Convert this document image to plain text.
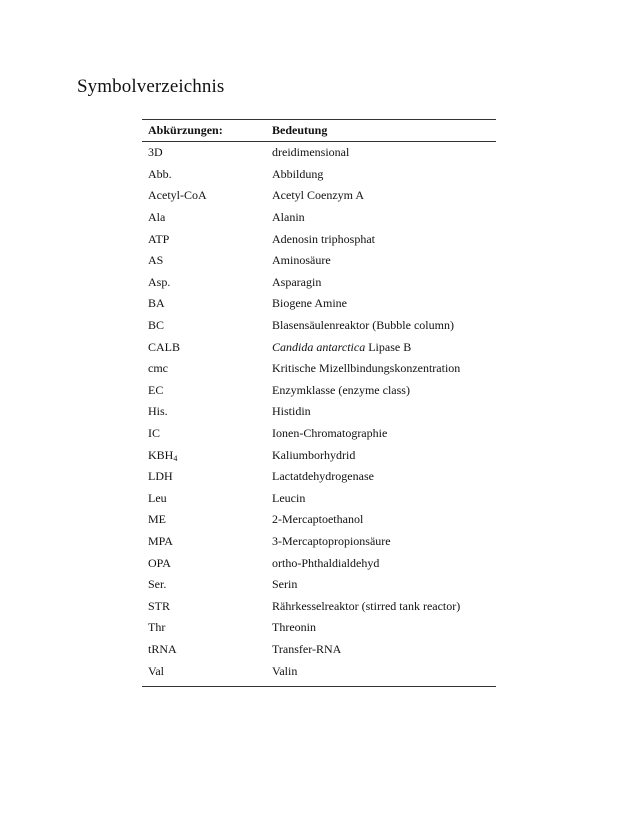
Symbolverzeichnis
Abkürzungen:	Bedeutung
3D	dreidimensional
Abb.	Abbildung
Acetyl-CoA	Acetyl Coenzym A
Ala	Alanin
ATP	Adenosin triphosphat
AS	Aminosäure
Asp.	Asparagin
BA	Biogene Amine
BC	Blasensäulenreaktor (Bubble column)
CALB	Candida antarctica Lipase B
cmc	Kritische Mizellbindungskonzentration
EC	Enzymklasse (enzyme class)
His.	Histidin
IC	Ionen-Chromatographie
$KBH_4$	Kaliumborhydrid
LDH	Lactatdehydrogenase
Leu	Leucin
ME	2-Mercaptoethanol
MPA	3-Mercaptopropionsäure
OPA	ortho-Phthaldialdehyd
Ser.	Serin
STR	Rährkesselreaktor (stirred tank reactor)
Thr	Threonin
tRNA	Transfer-RNA
Val	Valin
